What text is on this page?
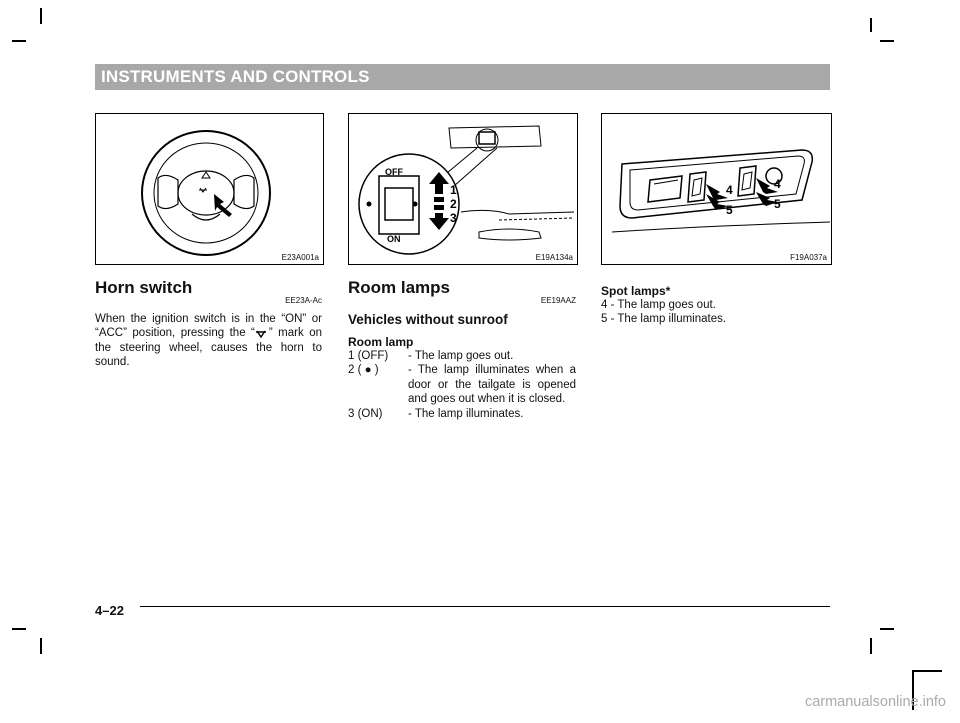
INSTRUMENTS AND CONTROLS
E23A001a
OFF
ON
1
2
3
E19A134a
4
5
4
5
F19A037a
Horn switch
EE23A-Ac

When the ignition switch is in the “ON” or “ACC” position, pressing the “ ” mark on the steering wheel, causes the horn to sound.

Room lamps
EE19AAZ

Vehicles without sunroof

Room lamp

1 (OFF)	- The lamp goes out.
2 ( ● )	- The lamp illuminates when a door or the tailgate is opened and goes out when it is closed.
3 (ON)	- The lamp illuminates.

Spot lamps*

4 - The lamp goes out.
5 - The lamp illuminates.
4–22
carmanualsonline.info
